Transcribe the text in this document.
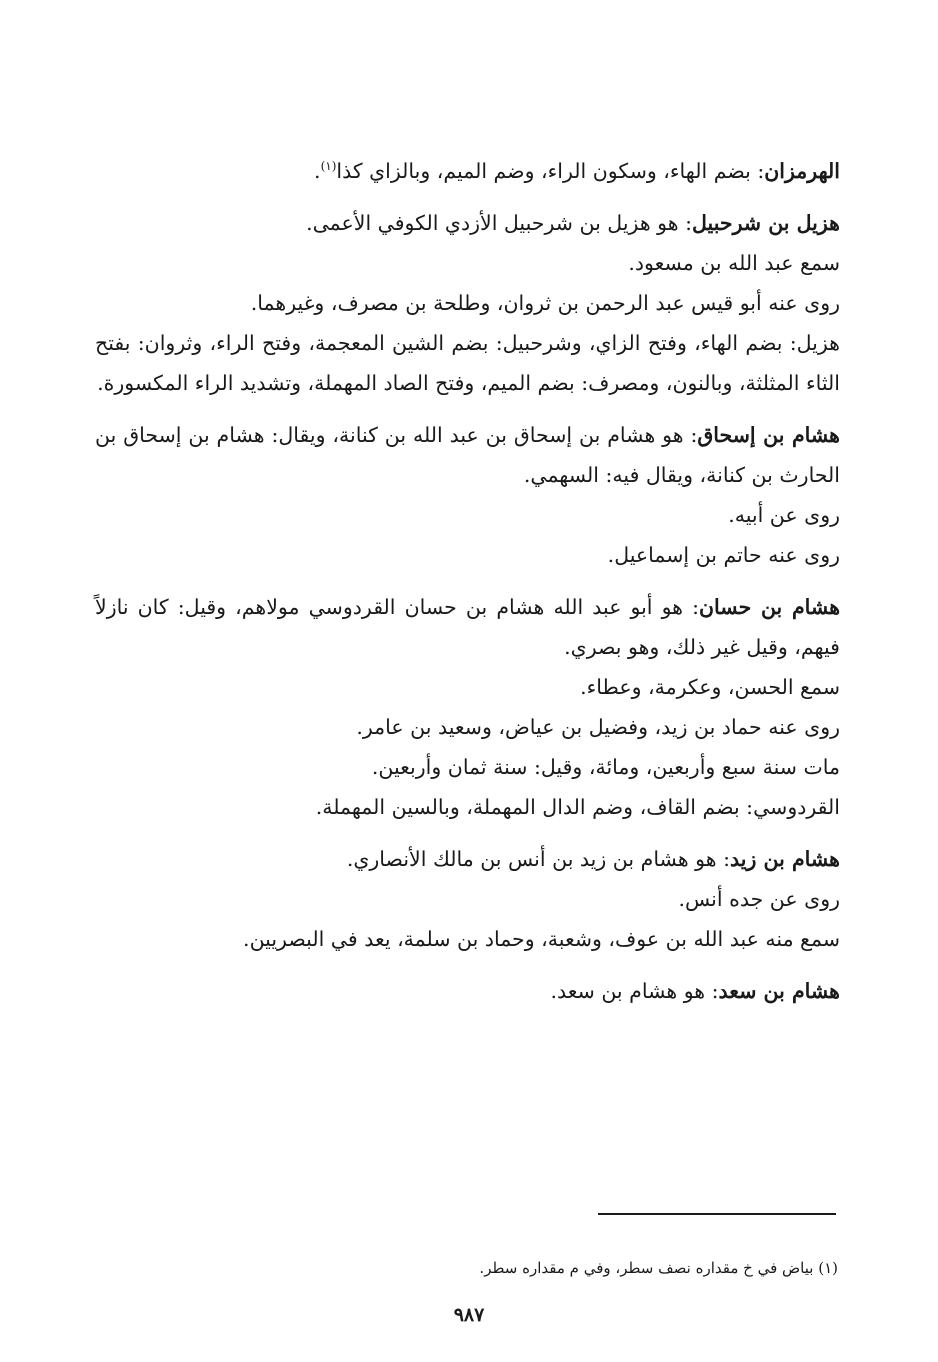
الهرمزان: بضم الهاء، وسكون الراء، وضم الميم، وبالزاي كذا$^{(١)}$.

هزيل بن شرحبيل: هو هزيل بن شرحبيل الأزدي الكوفي الأعمى.

سمع عبد الله بن مسعود.

روى عنه أبو قيس عبد الرحمن بن ثروان، وطلحة بن مصرف، وغيرهما.

هزيل: بضم الهاء، وفتح الزاي، وشرحبيل: بضم الشين المعجمة، وفتح الراء، وثروان: بفتح الثاء المثلثة، وبالنون، ومصرف: بضم الميم، وفتح الصاد المهملة، وتشديد الراء المكسورة.

هشام بن إسحاق: هو هشام بن إسحاق بن عبد الله بن كنانة، ويقال: هشام بن إسحاق بن الحارث بن كنانة، ويقال فيه: السهمي.

روى عن أبيه.

روى عنه حاتم بن إسماعيل.

هشام بن حسان: هو أبو عبد الله هشام بن حسان القردوسي مولاهم، وقيل: كان نازلاً فيهم، وقيل غير ذلك، وهو بصري.

سمع الحسن، وعكرمة، وعطاء.

روى عنه حماد بن زيد، وفضيل بن عياض، وسعيد بن عامر.

مات سنة سبع وأربعين، ومائة، وقيل: سنة ثمان وأربعين.

القردوسي: بضم القاف، وضم الدال المهملة، وبالسين المهملة.

هشام بن زيد: هو هشام بن زيد بن أنس بن مالك الأنصاري.

روى عن جده أنس.

سمع منه عبد الله بن عوف، وشعبة، وحماد بن سلمة، يعد في البصريين.

هشام بن سعد: هو هشام بن سعد.

(١) بياض في خ مقداره نصف سطر، وفي م مقداره سطر.
٩٨٧
